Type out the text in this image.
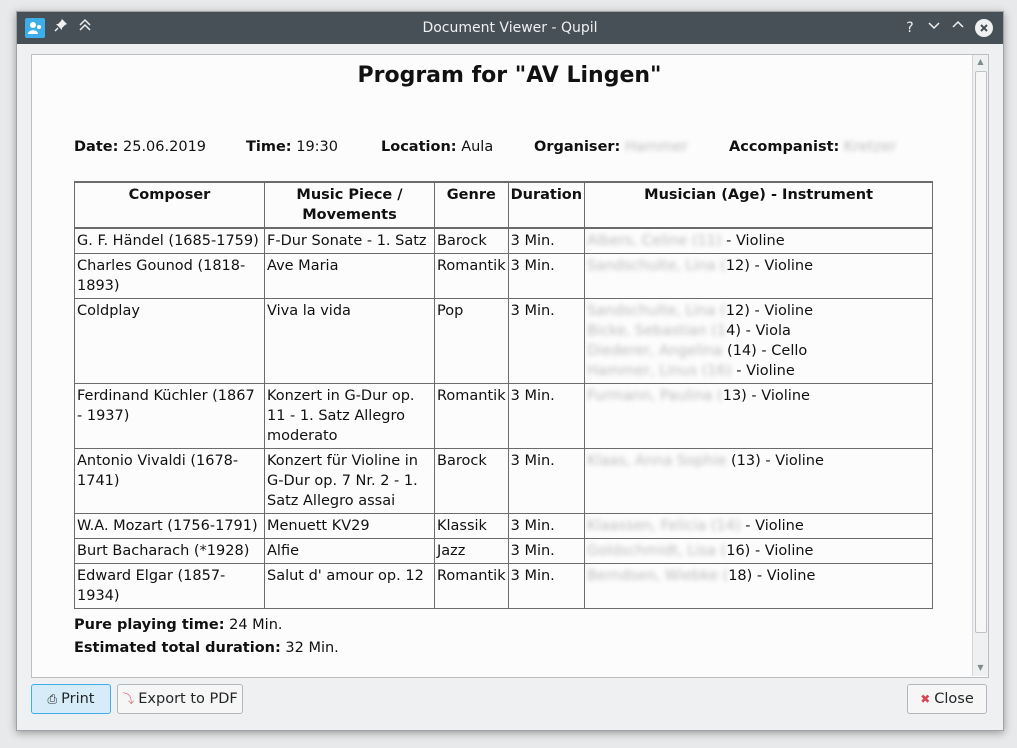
Document Viewer - Qupil	?
Program for "AV Lingen"
Date: 25.06.2019	Time: 19:30	Location: Aula	Organiser: Hammer	Accompanist: Kretzer
Composer	Music Piece / Movements	Genre	Duration	Musician (Age) - Instrument
G. F. Händel (1685-1759)	F-Dur Sonate - 1. Satz	Barock	3 Min.	Albers, Celine (11) - Violine

Charles Gounod (1818-1893)	Ave Maria	Romantik	3 Min.	Sandschulte, Lina (12) - Violine

Coldplay	Viva la vida	Pop	3 Min.	Sandschulte, Lina (12) - Violine
Bicke, Sebastian (14) - Viola
Diederer, Angelina (14) - Cello
Hammer, Linus (16) - Violine

Ferdinand Küchler (1867 - 1937)	Konzert in G-Dur op. 11 - 1. Satz Allegro moderato	Romantik	3 Min.	Furmann, Paulina (13) - Violine

Antonio Vivaldi (1678-1741)	Konzert für Violine in G-Dur op. 7 Nr. 2 - 1. Satz Allegro assai	Barock	3 Min.	Klaas, Anna Sophie (13) - Violine

W.A. Mozart (1756-1791)	Menuett KV29	Klassik	3 Min.	Klaassen, Felicia (14) - Violine

Burt Bacharach (*1928)	Alfie	Jazz	3 Min.	Goldschmidt, Lisa (16) - Violine

Edward Elgar (1857-1934)	Salut d' amour op. 12	Romantik	3 Min.	Berndsen, Wiebke (18) - Violine
Pure playing time: 24 Min.
Estimated total duration: 32 Min.
▲
▼
⎙ Print	⤵ Export to PDF	✖ Close
